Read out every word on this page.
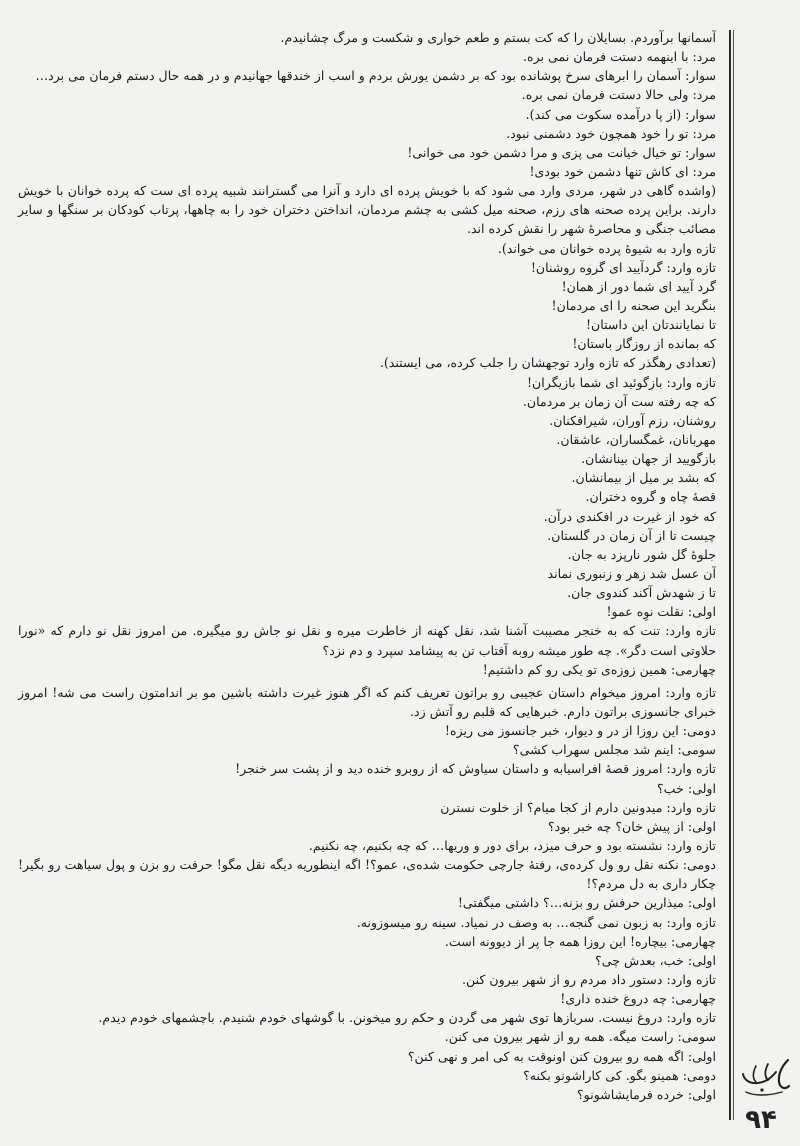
آسمانها برآوردم. بسایلان را که کت بستم و طعم خواری و شکست و مرگ چشانیدم.
مرد: با اینهمه دستت فرمان نمی بره.
سوار: آسمان را ابرهای سرخ پوشانده بود که بر دشمن یورش بردم و اسب از خندقها جهانیدم و در همه حال دستم فرمان می برد…
مرد: ولی حالا دستت فرمان نمی بره.
سوار: (از پا درآمده سکوت می کند).
مرد: تو را خود همچون خود دشمنی نبود.
سوار: تو خیال خیانت می پزی و مرا دشمن خود می خوانی!
مرد: ای کاش تنها دشمن خود بودی!
(واشده گاهی در شهر، مردی وارد می شود که با خویش پرده ای دارد و آنرا می گسترانند شبیه پرده ای ست که پرده خوانان با خویش دارند. براین پرده صحنه های رزم، صحنه میل کشی به چشم مردمان، انداختن دختران خود را به چاهها، پرتاب کودکان بر سنگها و سایر مصائب جنگی و محاصرهٔ شهر را نقش کرده اند.
تازه وارد به شیوهٔ پرده خوانان می خواند).
تازه وارد: گردآیید ای گروه روشنان!
گرد آیید ای شما دور از همان!
بنگرید این صحنه را ای مردمان!
تا نمایانندتان این داستان!
که بمانده از روزگار باستان!
(تعدادی رهگذر که تازه وارد توجهشان را جلب کرده، می ایستند).
تازه وارد: بازگوئید ای شما بازیگران!
که چه رفته ست آن زمان بر مردمان.
روشنان، رزم آوران، شیرافکنان.
مهربانان، غمگساران، عاشقان.
بازگویید از جهان بینانشان.
که بشد بر میل از بیمانشان.
قصهٔ چاه و گروه دختران.
که خود از غیرت در افکندی درآن.
چیست تا از آن زمان در گلستان.
جلوهٔ گل شور نارپزد به جان.
آن عسل شد زهر و زنبوری نماند
تا ز شهدش آکند کندوی جان.
اولی: نقلت نوِه عمو!
تازه وارد: تنت که به خنجر مصیبت آشنا شد، نقل کهنه از خاطرت میره و نقل نو جاش رو میگیره. من امروز نقل نو دارم که «نورا حلاوتی است دگر». چه طور میشه روبه آفتاب تن به پیشامد سپرد و دم نزد؟
چهارمی: همین زوزه‌ی تو یکی رو کم داشتیم!
تازه وارد: امروز میخوام داستان عجیبی رو براتون تعریف کنم که اگر هنوز غیرت داشته باشین مو بر اندامتون راست می شه! امروز خبرای جانسوزی براتون دارم. خبرهایی که قلبم رو آتش زد.
دومی: این روزا از در و دیوار، خبر جانسوز می ریزه!
سومی: اینم شد مجلس سهراب کشی؟
تازه وارد: امروز قصهٔ افراسیابه و داستان سیاوش که از روبرو خنده دید و از پشت سر خنجر!
اولی: خب؟
تازه وارد: میدونین دارم از کجا میام؟ از خلوت نسترن
اولی: از پیش خان؟ چه خبر بود؟
تازه وارد: نشسته بود و حرف میزد، برای دور و وریها… که چه بکنیم، چه نکنیم.
دومی: نکنه نقل رو ول کرده‌ی، رفتهٔ جارچی حکومت شده‌ی، عمو؟! اگه اینطوریه دیگه نقل مگو! حرفت رو بزن و پول سیاهت رو بگیر! چکار داری به دل مردم؟!
اولی: میذارین حرفش رو بزنه…؟ داشتی میگفتی!
تازه وارد: به زبون نمی گنجه… به وصف در نمیاد. سینه رو میسوزونه.
چهارمی: بیچاره! این روزا همه جا پر از دیوونه است.
اولی: خب، بعدش چی؟
تازه وارد: دستور داد مردم رو از شهر بیرون کنن.
چهارمی: چه دروغ خنده داری!
تازه وارد: دروغ نیست. سربازها توی شهر می گردن و حکم رو میخونن. با گوشهای خودم شنیدم. باچشمهای خودم دیدم.
سومی: راست میگه. همه رو از شهر بیرون می کنن.
اولی: اگه همه رو بیرون کنن اونوقت به کی امر و نهی کنن؟
دومی: همینو بگو. کی کاراشونو بکنه؟
اولی: خرده فرمایشاشونو؟
۹۴
